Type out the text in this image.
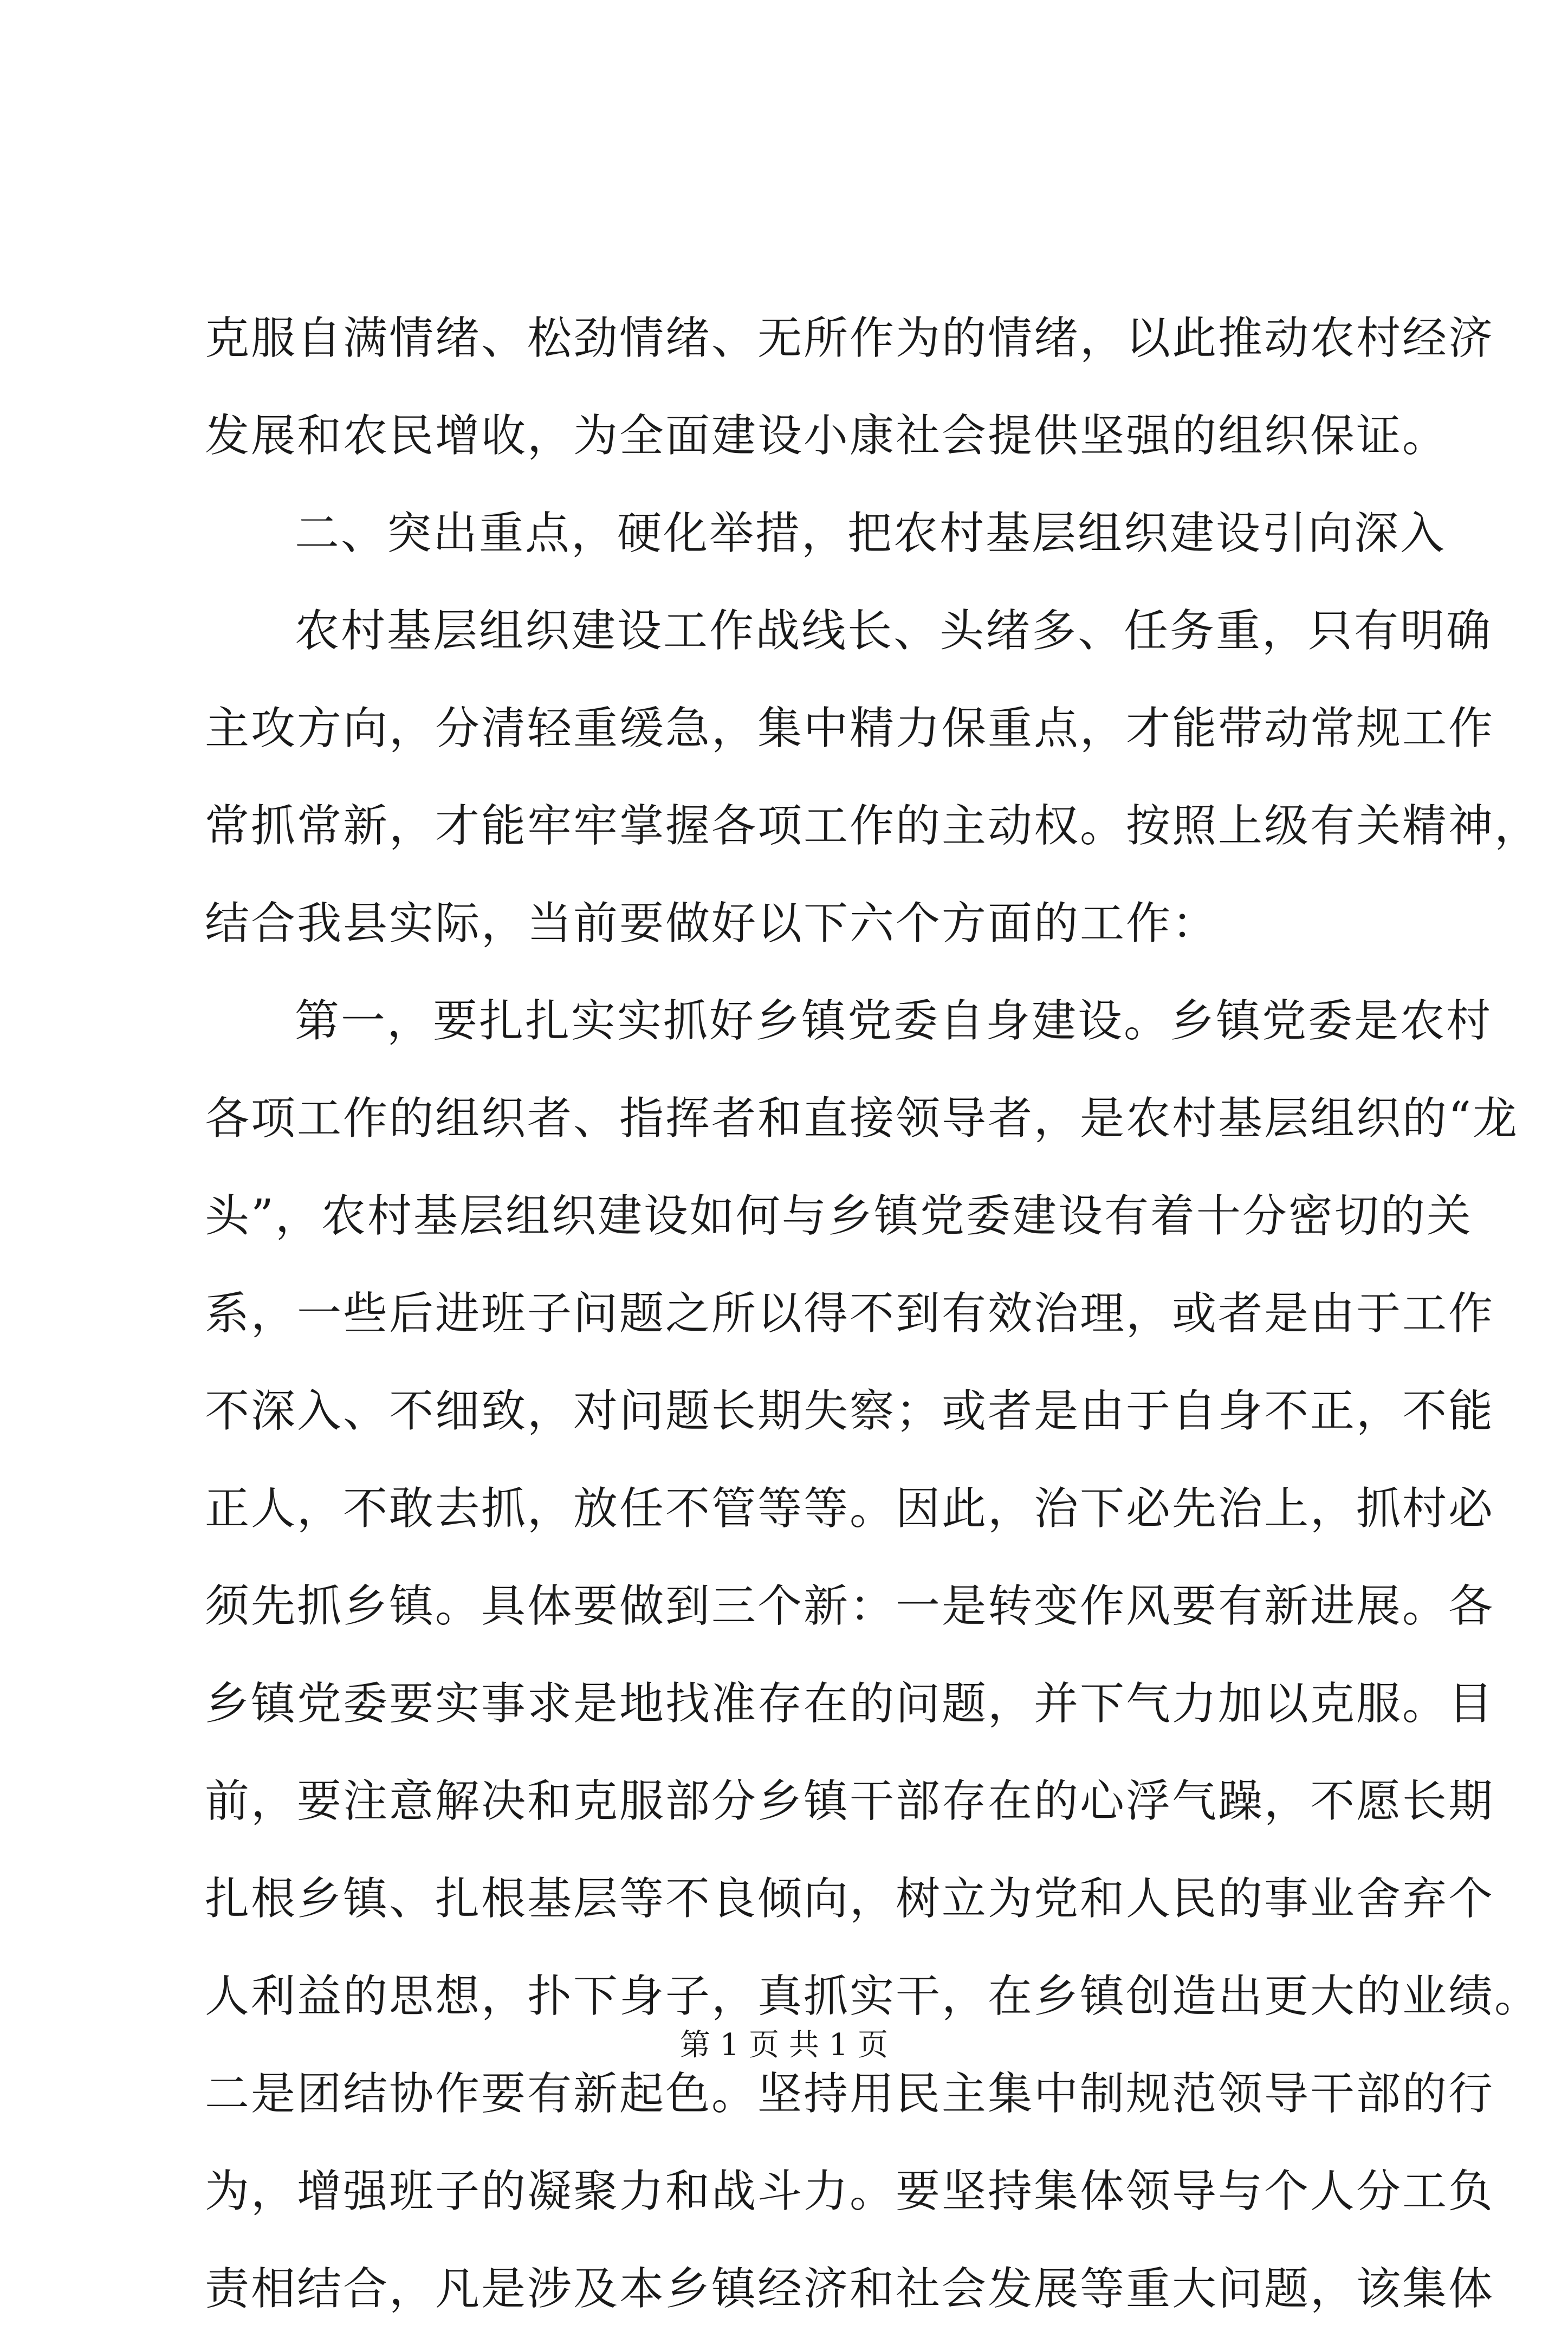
克服自满情绪、松劲情绪、无所作为的情绪，以此推动农村经济
发展和农民增收，为全面建设小康社会提供坚强的组织保证。
二、突出重点，硬化举措，把农村基层组织建设引向深入
农村基层组织建设工作战线长、头绪多、任务重，只有明确
主攻方向，分清轻重缓急，集中精力保重点，才能带动常规工作
常抓常新，才能牢牢掌握各项工作的主动权。按照上级有关精神，
结合我县实际，当前要做好以下六个方面的工作：
第一，要扎扎实实抓好乡镇党委自身建设。乡镇党委是农村
各项工作的组织者、指挥者和直接领导者，是农村基层组织的“龙
头”，农村基层组织建设如何与乡镇党委建设有着十分密切的关
系，一些后进班子问题之所以得不到有效治理，或者是由于工作
不深入、不细致，对问题长期失察；或者是由于自身不正，不能
正人，不敢去抓，放任不管等等。因此，治下必先治上，抓村必
须先抓乡镇。具体要做到三个新：一是转变作风要有新进展。各
乡镇党委要实事求是地找准存在的问题，并下气力加以克服。目
前，要注意解决和克服部分乡镇干部存在的心浮气躁，不愿长期
扎根乡镇、扎根基层等不良倾向，树立为党和人民的事业舍弃个
人利益的思想，扑下身子，真抓实干，在乡镇创造出更大的业绩。
二是团结协作要有新起色。坚持用民主集中制规范领导干部的行
为，增强班子的凝聚力和战斗力。要坚持集体领导与个人分工负
责相结合，凡是涉及本乡镇经济和社会发展等重大问题，该集体
第 1 页 共 1 页
